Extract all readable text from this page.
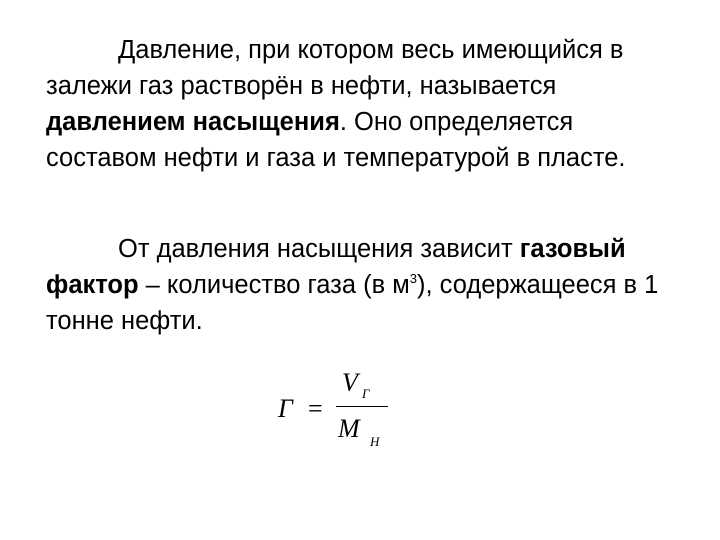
Давление, при котором весь имеющийся в залежи газ растворён в нефти, называется давлением насыщения. Оно определяется составом нефти и газа и температурой в пласте.

От давления насыщения зависит газовый фактор – количество газа (в $м^3$), содержащееся в 1 тонне нефти.

Г =
V Г
M Н
